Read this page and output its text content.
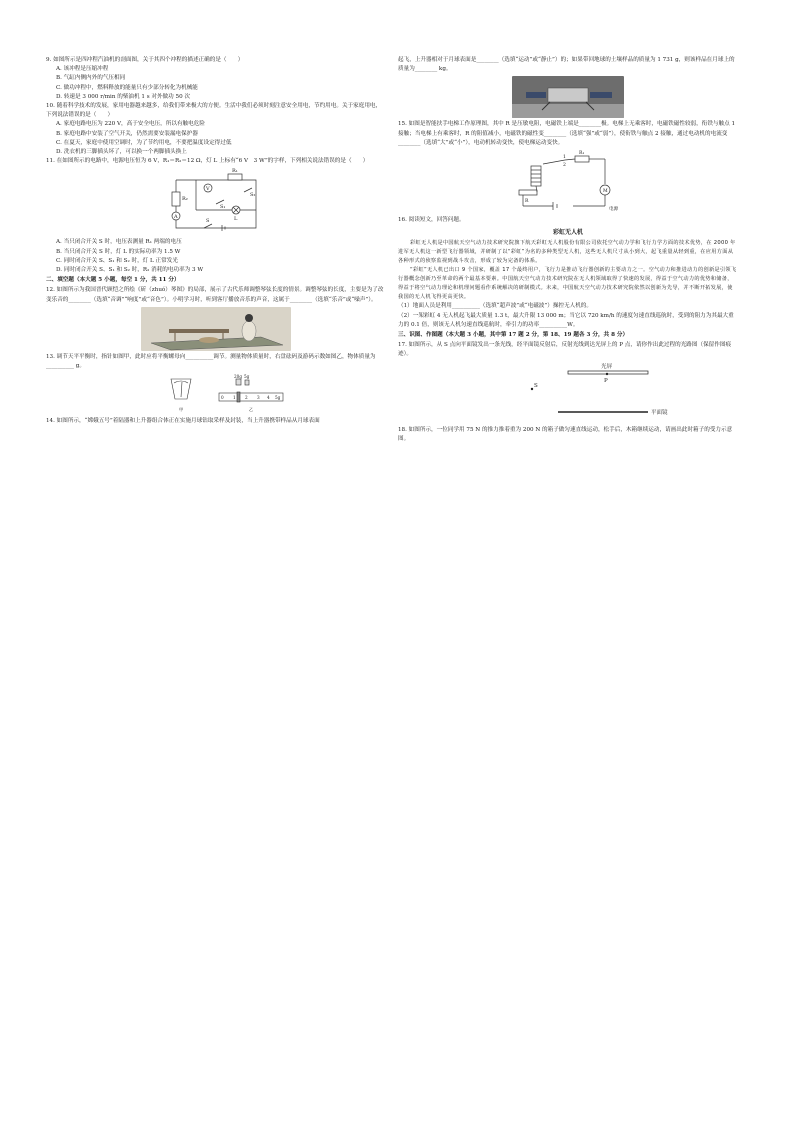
9. 如图所示是四冲程汽油机的剖面图，关于其四个冲程的描述正确的是（　　）

A. 该冲程是压缩冲程

B. 气缸内侧内外的气压相同

C. 做功冲程中，燃料释放的能量只有少部分转化为机械能

D. 转速是 3 000 r/min 的柴油机 1 s 对外做功 50 次

10. 随着科学技术的发展，家用电器越来越多，给我们带来极大的方便。生活中我们必须时刻注意安全用电，节约用电。关于家庭用电，下列说法错误的是（　　）

A. 家庭电路电压为 220 V，高于安全电压，所以有触电危险

B. 家庭电路中安装了空气开关，仍然需要安装漏电保护器

C. 在夏天，家庭中使用空调时，为了节约用电，不要把温度设定得过低

D. 洗衣机的三脚插头坏了，可以换一个两脚插头换上

11. 在如图所示的电路中，电源电压恒为 6 V，R₁＝R₂＝12 Ω，灯 L 上标有“6 V　3 W”的字样，下列相关说法错误的是（　　）

R₂
V
R₁
S₂
S₁
L
A
S

A. 当只闭合开关 S 时，电压表测量 R₁ 两端的电压

B. 当只闭合开关 S 时，灯 L 的实际功率为 1.5 W

C. 同时闭合开关 S、S₁ 和 S₂ 时，灯 L 正常发光

D. 同时闭合开关 S、S₁ 和 S₂ 时，R₂ 消耗的电功率为 3 W

二、填空题（本大题 5 小题，每空 1 分，共 11 分）

12. 如图所示为我国晋代顾恺之所绘《斫（zhuó）琴图》的局部，展示了古代乐师调整琴弦长度的情景。调整琴弦的长度，主要是为了改变乐音的________（选填“音调”“响度”或“音色”）。小明学习时，听到客厅播放音乐的声音，这属于________（选填“乐音”或“噪声”）。

13. 调节天平平衡时，指针如图甲，此时应将平衡螺母向__________调节。测量物体质量时，右盘砝码及游码示数如图乙，物体质量为__________ g。

20g 5g
0 1 2 3 4 5g
甲	乙

14. 如图所示，“嫦娥五号”着陆器和上升器组合体正在实施月球钻取采样及封装，当上升器携带样品从月球表面

起飞，上升器相对于月球表面是________（选填“运动”或“静止”）的；如果带回地球的土壤样品的质量为 1 731 g，则该样品在月球上的质量为________ kg。

15. 如图是智能扶手电梯工作原理图，其中 R 是压敏电阻，电磁铁上端是________极。电梯上无乘客时，电磁铁磁性较弱，衔铁与触点 1 接触；当电梯上有乘客时，R 的阻值减小，电磁铁的磁性变________（选填“强”或“弱”），使衔铁与触点 2 接触，通过电动机的电流变________（选填“大”或“小”），电动机转动变快，使电梯运动变快。

1
2
R₁
M
R
电源

16. 阅读短文，回答问题。

彩虹无人机

彩虹无人机是中国航天空气动力技术研究院旗下航天彩虹无人机股份有限公司依托空气动力学和飞行力学方面的技术优势，在 2000 年进军无人机这一新型飞行器领域，并研制了以“彩虹”为名的多种类型无人机，这些无人机尺寸从小到大，起飞重量从轻到重，在应用方面从各种形式的侦察监视到战斗攻击，形成了较为完备的体系。

“彩虹”无人机已出口 9 个国家，覆盖 17 个最终用户，飞行力是推动飞行器创新的主要动力之一。空气动力和推进动力的创新是引领飞行器概念创新乃至革命的两个最基本要素。中国航天空气动力技术研究院在无人机领域取得了快速的发展，得益于空气动力的优势和储备，得益于将空气动力理论和机理问题看作系统解决的研制模式。未来，中国航天空气动力技术研究院依然以创新为先导，并不断开拓发展，使我国的无人机飞得更高更快。

（1）地面人员是利用__________（选填“超声波”或“电磁波”）操控无人机的。

（2）一架彩虹 4 无人机起飞最大质量 1.3 t，最大升限 13 000 m；当它以 720 km/h 的速度匀速直线巡航时，受到的阻力为其最大重力的 0.1 倍，则该无人机匀速直线巡航时，牵引力的功率__________W。

三、识图、作图题（本大题 3 小题，其中第 17 题 2 分，第 18、19 题各 3 分，共 8 分）

17. 如图所示，从 S 点向平面镜发出一条光线，经平面镜反射后，反射光线到达光屏上的 P 点，请你作出此过程的光路图（保留作图痕迹）。

光屏
平面镜
S
P

18. 如图所示，一位同学用 75 N 的推力推着重为 200 N 的箱子做匀速直线运动，松手后，木箱继续运动，请画出此时箱子的受力示意图。
